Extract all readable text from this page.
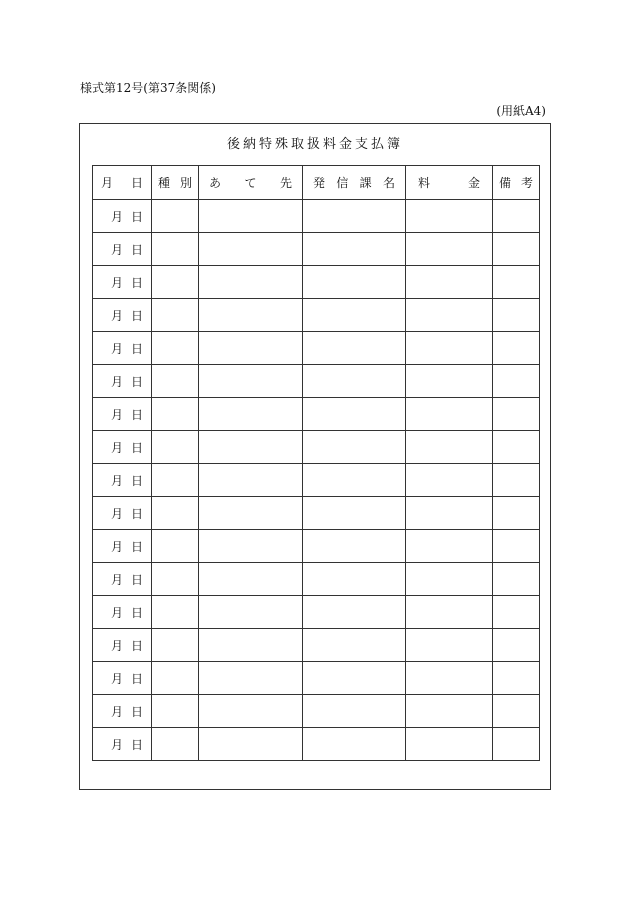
様式第12号(第37条関係)
(用紙A4)
後納特殊取扱料金支払簿
月 日	種 別	あ て 先	発 信 課 名	料 金	備 考

月 日					

月 日					

月 日					

月 日					

月 日					

月 日					

月 日					

月 日					

月 日					

月 日					

月 日					

月 日					

月 日					

月 日					

月 日					

月 日					

月 日					
